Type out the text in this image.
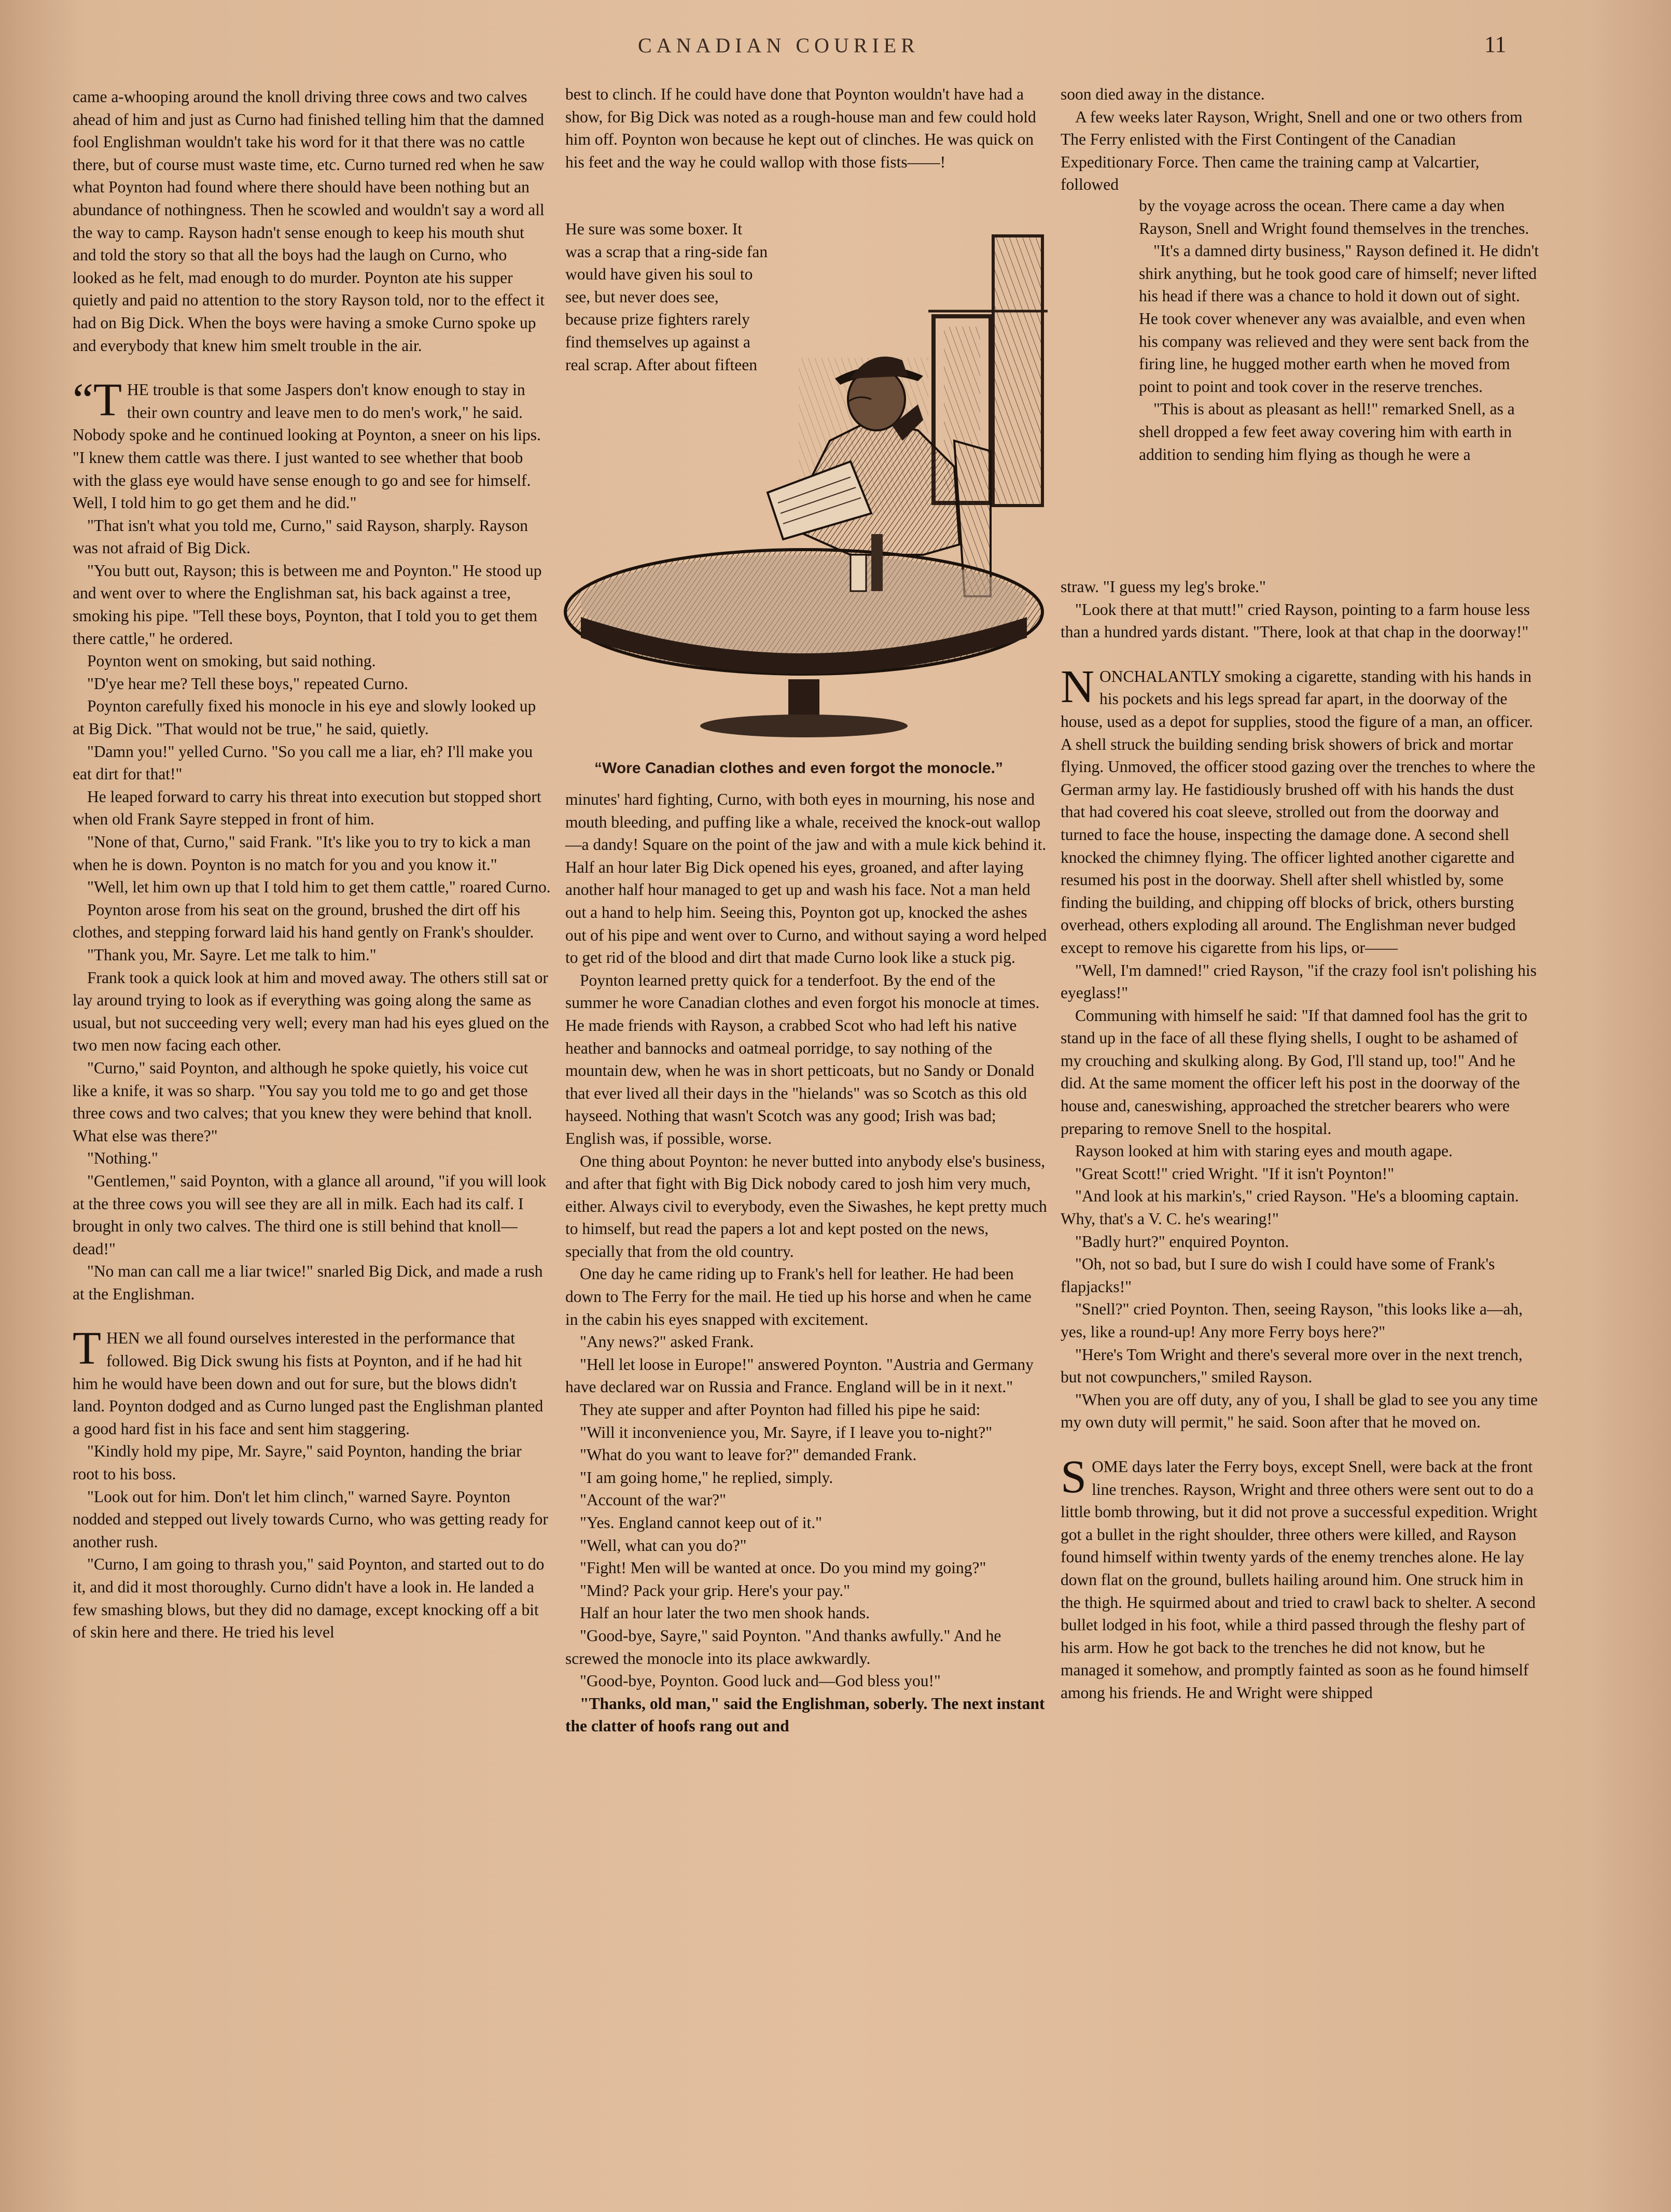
CANADIAN COURIER	11

came a-whooping around the knoll driving three cows and two calves ahead of him and just as Curno had finished telling him that the damned fool Englishman wouldn't take his word for it that there was no cattle there, but of course must waste time, etc. Curno turned red when he saw what Poynton had found where there should have been nothing but an abundance of nothingness. Then he scowled and wouldn't say a word all the way to camp. Rayson hadn't sense enough to keep his mouth shut and told the story so that all the boys had the laugh on Curno, who looked as he felt, mad enough to do murder. Poynton ate his supper quietly and paid no attention to the story Rayson told, nor to the effect it had on Big Dick. When the boys were having a smoke Curno spoke up and everybody that knew him smelt trouble in the air.

“THE trouble is that some Jaspers don't know enough to stay in their own country and leave men to do men's work," he said. Nobody spoke and he continued looking at Poynton, a sneer on his lips. "I knew them cattle was there. I just wanted to see whether that boob with the glass eye would have sense enough to go and see for himself. Well, I told him to go get them and he did."

"That isn't what you told me, Curno," said Rayson, sharply. Rayson was not afraid of Big Dick.

"You butt out, Rayson; this is between me and Poynton." He stood up and went over to where the Englishman sat, his back against a tree, smoking his pipe. "Tell these boys, Poynton, that I told you to get them there cattle," he ordered.

Poynton went on smoking, but said nothing.

"D'ye hear me? Tell these boys," repeated Curno.

Poynton carefully fixed his monocle in his eye and slowly looked up at Big Dick. "That would not be true," he said, quietly.

"Damn you!" yelled Curno. "So you call me a liar, eh? I'll make you eat dirt for that!"

He leaped forward to carry his threat into execution but stopped short when old Frank Sayre stepped in front of him.

"None of that, Curno," said Frank. "It's like you to try to kick a man when he is down. Poynton is no match for you and you know it."

"Well, let him own up that I told him to get them cattle," roared Curno.

Poynton arose from his seat on the ground, brushed the dirt off his clothes, and stepping forward laid his hand gently on Frank's shoulder.

"Thank you, Mr. Sayre. Let me talk to him."

Frank took a quick look at him and moved away. The others still sat or lay around trying to look as if everything was going along the same as usual, but not succeeding very well; every man had his eyes glued on the two men now facing each other.

"Curno," said Poynton, and although he spoke quietly, his voice cut like a knife, it was so sharp. "You say you told me to go and get those three cows and two calves; that you knew they were behind that knoll. What else was there?"

"Nothing."

"Gentlemen," said Poynton, with a glance all around, "if you will look at the three cows you will see they are all in milk. Each had its calf. I brought in only two calves. The third one is still behind that knoll—dead!"

"No man can call me a liar twice!" snarled Big Dick, and made a rush at the Englishman.

THEN we all found ourselves interested in the performance that followed. Big Dick swung his fists at Poynton, and if he had hit him he would have been down and out for sure, but the blows didn't land. Poynton dodged and as Curno lunged past the Englishman planted a good hard fist in his face and sent him staggering.

"Kindly hold my pipe, Mr. Sayre," said Poynton, handing the briar root to his boss.

"Look out for him. Don't let him clinch," warned Sayre. Poynton nodded and stepped out lively towards Curno, who was getting ready for another rush.

"Curno, I am going to thrash you," said Poynton, and started out to do it, and did it most thoroughly. Curno didn't have a look in. He landed a few smashing blows, but they did no damage, except knocking off a bit of skin here and there. He tried his level

best to clinch. If he could have done that Poynton wouldn't have had a show, for Big Dick was noted as a rough-house man and few could hold him off. Poynton won because he kept out of clinches. He was quick on his feet and the way he could wallop with those fists——!

He sure was some boxer. It was a scrap that a ring-side fan would have given his soul to see, but never does see, because prize fighters rarely find themselves up against a real scrap. After about fifteen

“Wore Canadian clothes and even forgot the monocle.”

minutes' hard fighting, Curno, with both eyes in mourning, his nose and mouth bleeding, and puffing like a whale, received the knock-out wallop—a dandy! Square on the point of the jaw and with a mule kick behind it. Half an hour later Big Dick opened his eyes, groaned, and after laying another half hour managed to get up and wash his face. Not a man held out a hand to help him. Seeing this, Poynton got up, knocked the ashes out of his pipe and went over to Curno, and without saying a word helped to get rid of the blood and dirt that made Curno look like a stuck pig.

Poynton learned pretty quick for a tenderfoot. By the end of the summer he wore Canadian clothes and even forgot his monocle at times. He made friends with Rayson, a crabbed Scot who had left his native heather and bannocks and oatmeal porridge, to say nothing of the mountain dew, when he was in short petticoats, but no Sandy or Donald that ever lived all their days in the "hielands" was so Scotch as this old hayseed. Nothing that wasn't Scotch was any good; Irish was bad; English was, if possible, worse.

One thing about Poynton: he never butted into anybody else's business, and after that fight with Big Dick nobody cared to josh him very much, either. Always civil to everybody, even the Siwashes, he kept pretty much to himself, but read the papers a lot and kept posted on the news, specially that from the old country.

One day he came riding up to Frank's hell for leather. He had been down to The Ferry for the mail. He tied up his horse and when he came in the cabin his eyes snapped with excitement.

"Any news?" asked Frank.

"Hell let loose in Europe!" answered Poynton. "Austria and Germany have declared war on Russia and France. England will be in it next."

They ate supper and after Poynton had filled his pipe he said:

"Will it inconvenience you, Mr. Sayre, if I leave you to-night?"

"What do you want to leave for?" demanded Frank.

"I am going home," he replied, simply.

"Account of the war?"

"Yes. England cannot keep out of it."

"Well, what can you do?"

"Fight! Men will be wanted at once. Do you mind my going?"

"Mind? Pack your grip. Here's your pay."

Half an hour later the two men shook hands.

"Good-bye, Sayre," said Poynton. "And thanks awfully." And he screwed the monocle into its place awkwardly.

"Good-bye, Poynton. Good luck and—God bless you!"

"Thanks, old man," said the Englishman, soberly. The next instant the clatter of hoofs rang out and

soon died away in the distance.

A few weeks later Rayson, Wright, Snell and one or two others from The Ferry enlisted with the First Contingent of the Canadian Expeditionary Force. Then came the training camp at Valcartier, followed

by the voyage across the ocean. There came a day when Rayson, Snell and Wright found themselves in the trenches.

"It's a damned dirty business," Rayson defined it. He didn't shirk anything, but he took good care of himself; never lifted his head if there was a chance to hold it down out of sight. He took cover whenever any was avaialble, and even when his company was relieved and they were sent back from the firing line, he hugged mother earth when he moved from point to point and took cover in the reserve trenches.

"This is about as pleasant as hell!" remarked Snell, as a shell dropped a few feet away covering him with earth in addition to sending him flying as though he were a

straw. "I guess my leg's broke."

"Look there at that mutt!" cried Rayson, pointing to a farm house less than a hundred yards distant. "There, look at that chap in the doorway!"

NONCHALANTLY smoking a cigarette, standing with his hands in his pockets and his legs spread far apart, in the doorway of the house, used as a depot for supplies, stood the figure of a man, an officer. A shell struck the building sending brisk showers of brick and mortar flying. Unmoved, the officer stood gazing over the trenches to where the German army lay. He fastidiously brushed off with his hands the dust that had covered his coat sleeve, strolled out from the doorway and turned to face the house, inspecting the damage done. A second shell knocked the chimney flying. The officer lighted another cigarette and resumed his post in the doorway. Shell after shell whistled by, some finding the building, and chipping off blocks of brick, others bursting overhead, others exploding all around. The Englishman never budged except to remove his cigarette from his lips, or——

"Well, I'm damned!" cried Rayson, "if the crazy fool isn't polishing his eyeglass!"

Communing with himself he said: "If that damned fool has the grit to stand up in the face of all these flying shells, I ought to be ashamed of my crouching and skulking along. By God, I'll stand up, too!" And he did. At the same moment the officer left his post in the doorway of the house and, caneswishing, approached the stretcher bearers who were preparing to remove Snell to the hospital.

Rayson looked at him with staring eyes and mouth agape.

"Great Scott!" cried Wright. "If it isn't Poynton!"

"And look at his markin's," cried Rayson. "He's a blooming captain. Why, that's a V. C. he's wearing!"

"Badly hurt?" enquired Poynton.

"Oh, not so bad, but I sure do wish I could have some of Frank's flapjacks!"

"Snell?" cried Poynton. Then, seeing Rayson, "this looks like a—ah, yes, like a round-up! Any more Ferry boys here?"

"Here's Tom Wright and there's several more over in the next trench, but not cowpunchers," smiled Rayson.

"When you are off duty, any of you, I shall be glad to see you any time my own duty will permit," he said. Soon after that he moved on.

SOME days later the Ferry boys, except Snell, were back at the front line trenches. Rayson, Wright and three others were sent out to do a little bomb throwing, but it did not prove a successful expedition. Wright got a bullet in the right shoulder, three others were killed, and Rayson found himself within twenty yards of the enemy trenches alone. He lay down flat on the ground, bullets hailing around him. One struck him in the thigh. He squirmed about and tried to crawl back to shelter. A second bullet lodged in his foot, while a third passed through the fleshy part of his arm. How he got back to the trenches he did not know, but he managed it somehow, and promptly fainted as soon as he found himself among his friends. He and Wright were shipped
